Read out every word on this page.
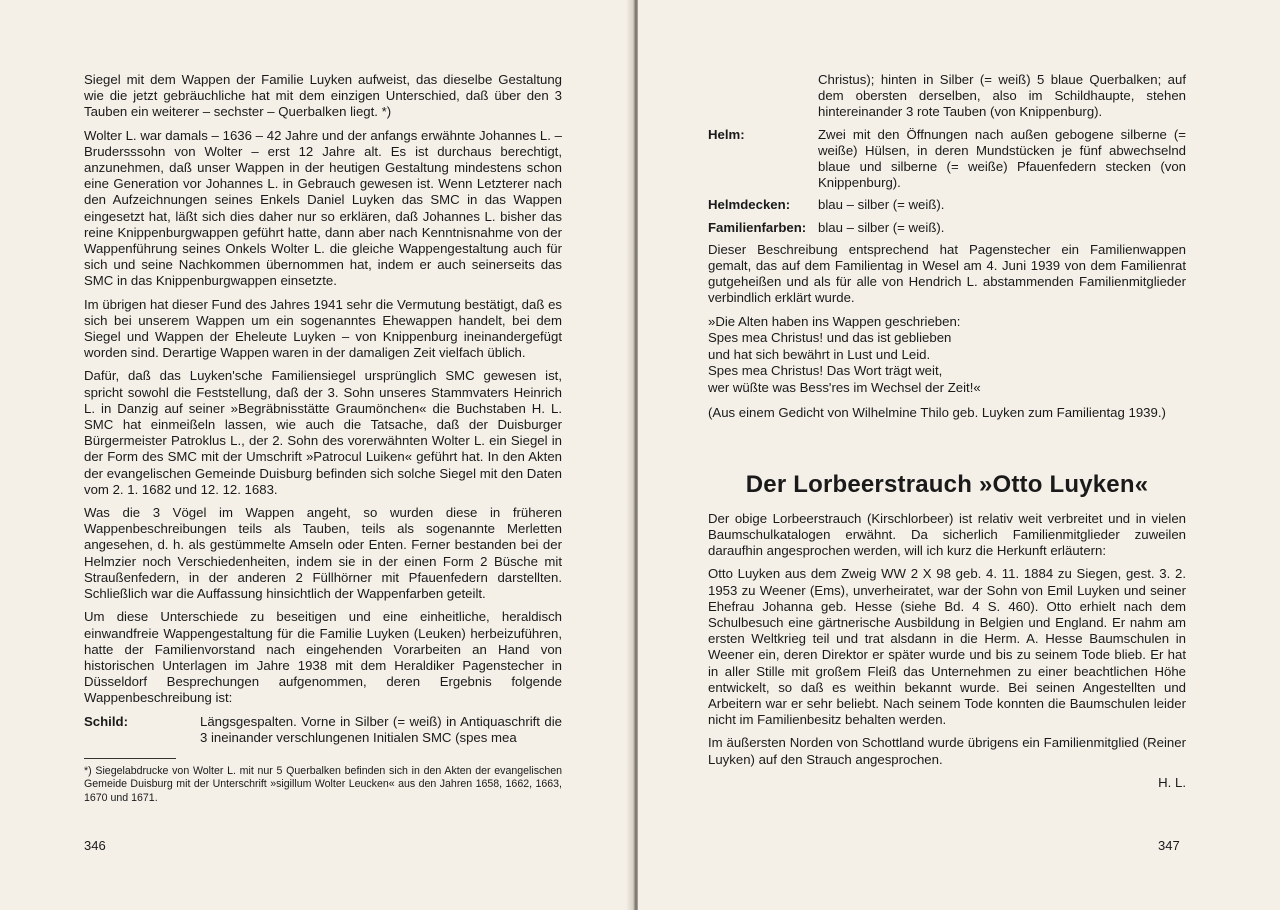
Siegel mit dem Wappen der Familie Luyken aufweist, das dieselbe Gestaltung wie die jetzt gebräuchliche hat mit dem einzigen Unterschied, daß über den 3 Tauben ein weiterer – sechster – Querbalken liegt. *)

Wolter L. war damals – 1636 – 42 Jahre und der anfangs erwähnte Johannes L. – Brudersssohn von Wolter – erst 12 Jahre alt. Es ist durchaus berechtigt, anzunehmen, daß unser Wappen in der heutigen Gestaltung mindestens schon eine Generation vor Johannes L. in Gebrauch gewesen ist. Wenn Letzterer nach den Aufzeichnungen seines Enkels Daniel Luyken das SMC in das Wappen eingesetzt hat, läßt sich dies daher nur so erklären, daß Johannes L. bisher das reine Knippenburgwappen geführt hatte, dann aber nach Kenntnisnahme von der Wappenführung seines Onkels Wolter L. die gleiche Wappengestaltung auch für sich und seine Nachkommen übernommen hat, indem er auch seinerseits das SMC in das Knippenburgwappen einsetzte.

Im übrigen hat dieser Fund des Jahres 1941 sehr die Vermutung bestätigt, daß es sich bei unserem Wappen um ein sogenanntes Ehewappen handelt, bei dem Siegel und Wappen der Eheleute Luyken – von Knippenburg ineinandergefügt worden sind. Derartige Wappen waren in der damaligen Zeit vielfach üblich.

Dafür, daß das Luyken'sche Familiensiegel ursprünglich SMC gewesen ist, spricht sowohl die Feststellung, daß der 3. Sohn unseres Stammvaters Heinrich L. in Danzig auf seiner »Begräbnisstätte Graumönchen« die Buchstaben H. L. SMC hat einmeißeln lassen, wie auch die Tatsache, daß der Duisburger Bürgermeister Patroklus L., der 2. Sohn des vorerwähnten Wolter L. ein Siegel in der Form des SMC mit der Umschrift »Patrocul Luiken« geführt hat. In den Akten der evangelischen Gemeinde Duisburg befinden sich solche Siegel mit den Daten vom 2. 1. 1682 und 12. 12. 1683.

Was die 3 Vögel im Wappen angeht, so wurden diese in früheren Wappenbeschreibungen teils als Tauben, teils als sogenannte Merletten angesehen, d. h. als gestümmelte Amseln oder Enten. Ferner bestanden bei der Helmzier noch Verschiedenheiten, indem sie in der einen Form 2 Büsche mit Straußenfedern, in der anderen 2 Füllhörner mit Pfauenfedern darstellten. Schließlich war die Auffassung hinsichtlich der Wappenfarben geteilt.

Um diese Unterschiede zu beseitigen und eine einheitliche, heraldisch einwandfreie Wappengestaltung für die Familie Luyken (Leuken) herbeizuführen, hatte der Familienvorstand nach eingehenden Vorarbeiten an Hand von historischen Unterlagen im Jahre 1938 mit dem Heraldiker Pagenstecher in Düsseldorf Besprechungen aufgenommen, deren Ergebnis folgende Wappenbeschreibung ist:

Schild:	Längsgespalten. Vorne in Silber (= weiß) in Antiquaschrift die 3 ineinander verschlungenen Initialen SMC (spes mea

*) Siegelabdrucke von Wolter L. mit nur 5 Querbalken befinden sich in den Akten der evangelischen Gemeide Duisburg mit der Unterschrift »sigillum Wolter Leucken« aus den Jahren 1658, 1662, 1663, 1670 und 1671.

346
Christus); hinten in Silber (= weiß) 5 blaue Querbalken; auf dem obersten derselben, also im Schildhaupte, stehen hintereinander 3 rote Tauben (von Knippenburg).
Helm:	Zwei mit den Öffnungen nach außen gebogene silberne (= weiße) Hülsen, in deren Mundstücken je fünf abwechselnd blaue und silberne (= weiße) Pfauenfedern stecken (von Knippenburg).
Helmdecken:	blau – silber (= weiß).
Familienfarben: blau – silber (= weiß).

Dieser Beschreibung entsprechend hat Pagenstecher ein Familienwappen gemalt, das auf dem Familientag in Wesel am 4. Juni 1939 von dem Familienrat gutgeheißen und als für alle von Hendrich L. abstammenden Familienmitglieder verbindlich erklärt wurde.

»Die Alten haben ins Wappen geschrieben:
Spes mea Christus! und das ist geblieben
und hat sich bewährt in Lust und Leid.
Spes mea Christus! Das Wort trägt weit,
wer wüßte was Bess'res im Wechsel der Zeit!«

(Aus einem Gedicht von Wilhelmine Thilo geb. Luyken zum Familientag 1939.)

Der Lorbeerstrauch »Otto Luyken«

Der obige Lorbeerstrauch (Kirschlorbeer) ist relativ weit verbreitet und in vielen Baumschulkatalogen erwähnt. Da sicherlich Familienmitglieder zuweilen daraufhin angesprochen werden, will ich kurz die Herkunft erläutern:

Otto Luyken aus dem Zweig WW 2 X 98 geb. 4. 11. 1884 zu Siegen, gest. 3. 2. 1953 zu Weener (Ems), unverheiratet, war der Sohn von Emil Luyken und seiner Ehefrau Johanna geb. Hesse (siehe Bd. 4 S. 460). Otto erhielt nach dem Schulbesuch eine gärtnerische Ausbildung in Belgien und England. Er nahm am ersten Weltkrieg teil und trat alsdann in die Herm. A. Hesse Baumschulen in Weener ein, deren Direktor er später wurde und bis zu seinem Tode blieb. Er hat in aller Stille mit großem Fleiß das Unternehmen zu einer beachtlichen Höhe entwickelt, so daß es weithin bekannt wurde. Bei seinen Angestellten und Arbeitern war er sehr beliebt. Nach seinem Tode konnten die Baumschulen leider nicht im Familienbesitz behalten werden.

Im äußersten Norden von Schottland wurde übrigens ein Familienmitglied (Reiner Luyken) auf den Strauch angesprochen.

H. L.
347
